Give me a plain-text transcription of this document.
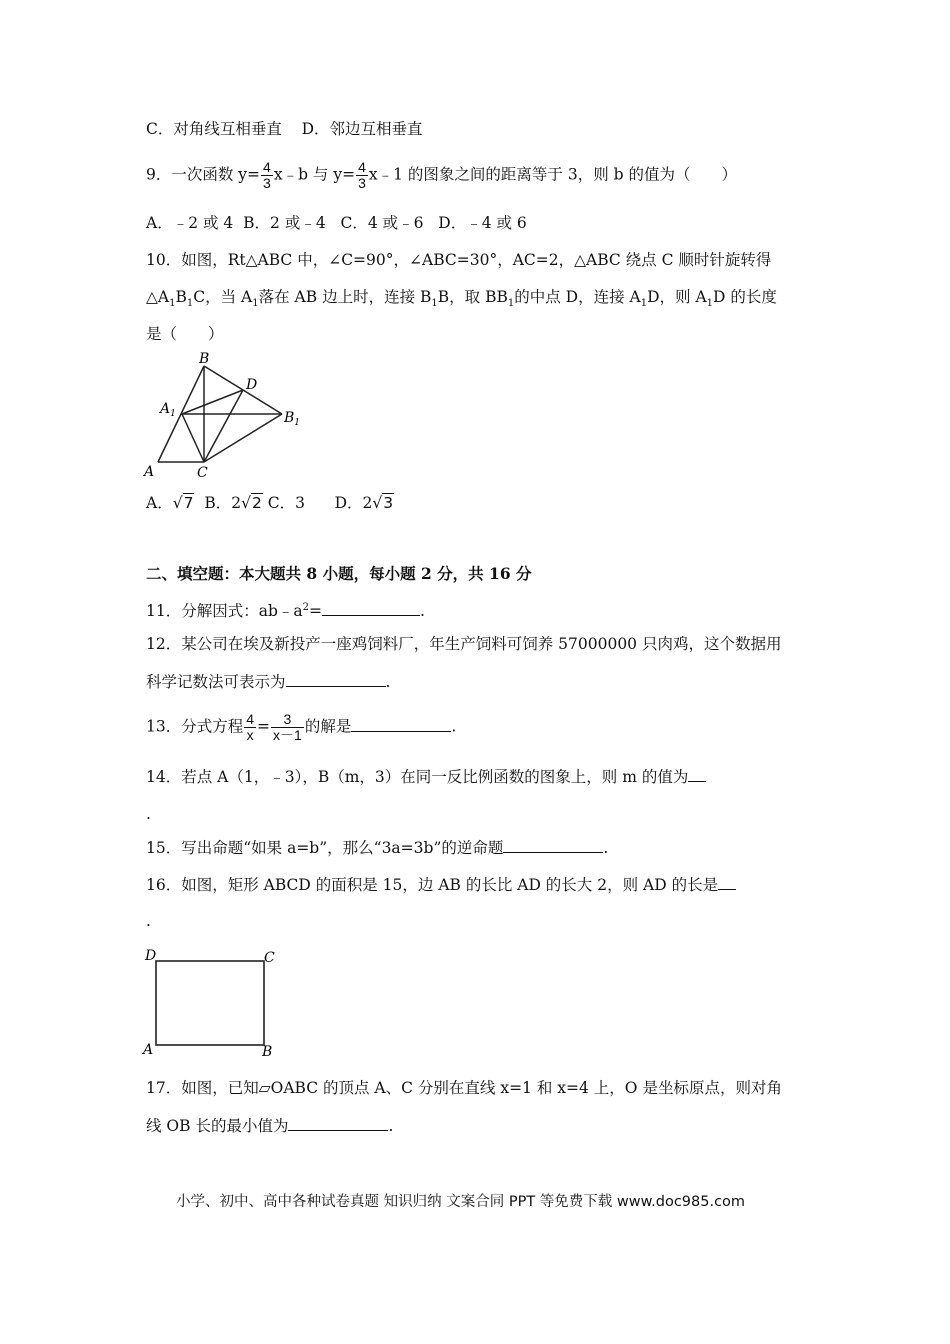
C．对角线互相垂直 D．邻边互相垂直
9．一次函数 $y= \frac{4}{3}$ x﹣b 与 $y= \frac{4}{3}$ x﹣1 的图象之间的距离等于 3，则 b 的值为（　　）
A．﹣2 或 4 B．2 或﹣4 C．4 或﹣6 D．﹣4 或 6
10．如图，Rt△ABC 中，∠C=90°，∠ABC=30°，AC=2，△ABC 绕点 C 顺时针旋转得
$\triangle A_1B_1C$，当 $A_1$落在 AB 边上时，连接 $B_1B$，取 $BB_1$的中点 D，连接 $A_1D$，则 $A_1D$ 的长度
是（　　）
B
D
$A_1$	$B_1$
A	C
A．√7 B．2√2 C．3 D．2√3
二、填空题：本大题共 8 小题，每小题 2 分，共 16 分
11．分解因式：$ab﹣a^2=$	.
12．某公司在埃及新投产一座鸡饲料厂，年生产饲料可饲养 57000000 只肉鸡，这个数据用
科学记数法可表示为	.
13．分式方程 $\frac{4}{x} = \frac{3}{x-1}$ 的解是	.
14．若点 A（1，﹣3），B（m，3）在同一反比例函数的图象上，则 m 的值为
.
15．写出命题“如果 a=b”，那么“3a=3b”的逆命题	.
16．如图，矩形 ABCD 的面积是 15，边 AB 的长比 AD 的长大 2，则 AD 的长是
.
D	C
A	B
17．如图，已知▱OABC 的顶点 A、C 分别在直线 x=1 和 x=4 上，O 是坐标原点，则对角
线 OB 长的最小值为	.
小学、初中、高中各种试卷真题 知识归纳 文案合同 PPT 等免费下载 www.doc985.com
